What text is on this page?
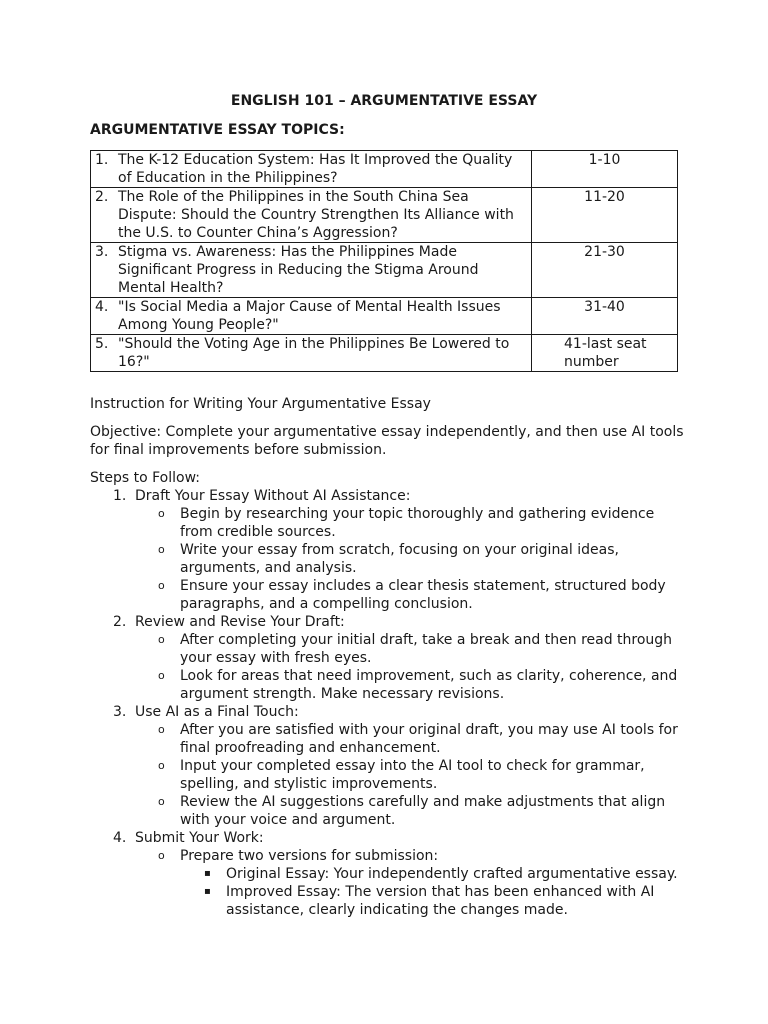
ENGLISH 101 – ARGUMENTATIVE ESSAY
ARGUMENTATIVE ESSAY TOPICS:
1. The K-12 Education System: Has It Improved the Quality of Education in the Philippines?	1-10

2. The Role of the Philippines in the South China Sea Dispute: Should the Country Strengthen Its Alliance with the U.S. to Counter China’s Aggression?	11-20

3. Stigma vs. Awareness: Has the Philippines Made Significant Progress in Reducing the Stigma Around Mental Health?	21-30

4. "Is Social Media a Major Cause of Mental Health Issues Among Young People?"	31-40

5. "Should the Voting Age in the Philippines Be Lowered to 16?"	41-last seat number
Instruction for Writing Your Argumentative Essay
Objective: Complete your argumentative essay independently, and then use AI tools for final improvements before submission.
Steps to Follow:
1. Draft Your Essay Without AI Assistance:
o	Begin by researching your topic thoroughly and gathering evidence from credible sources.
o	Write your essay from scratch, focusing on your original ideas, arguments, and analysis.
o	Ensure your essay includes a clear thesis statement, structured body paragraphs, and a compelling conclusion.
2. Review and Revise Your Draft:
o	After completing your initial draft, take a break and then read through your essay with fresh eyes.
o	Look for areas that need improvement, such as clarity, coherence, and argument strength. Make necessary revisions.
3. Use AI as a Final Touch:
o	After you are satisfied with your original draft, you may use AI tools for final proofreading and enhancement.
o	Input your completed essay into the AI tool to check for grammar, spelling, and stylistic improvements.
o	Review the AI suggestions carefully and make adjustments that align with your voice and argument.
4. Submit Your Work:
o	Prepare two versions for submission:
▪	Original Essay: Your independently crafted argumentative essay.
▪	Improved Essay: The version that has been enhanced with AI assistance, clearly indicating the changes made.
